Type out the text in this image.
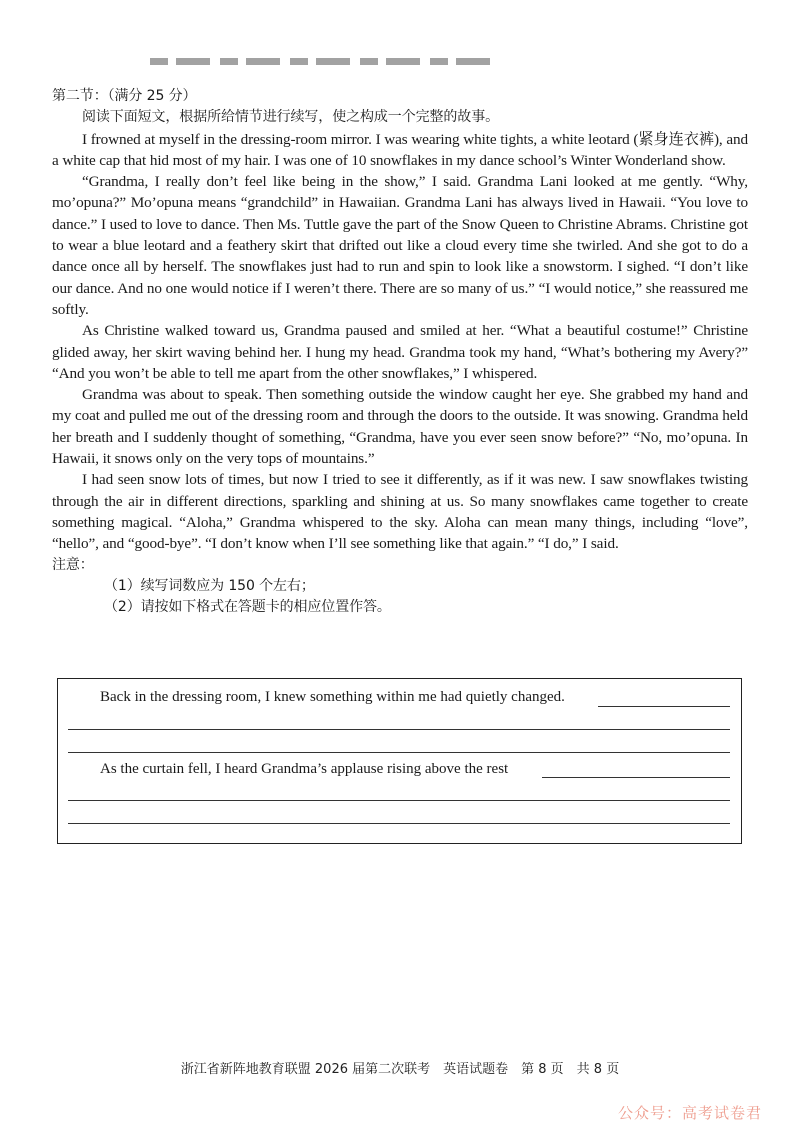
第二节：（满分 25 分）

阅读下面短文，根据所给情节进行续写，使之构成一个完整的故事。

I frowned at myself in the dressing-room mirror. I was wearing white tights, a white leotard (紧身连衣裤), and a white cap that hid most of my hair. I was one of 10 snowflakes in my dance school’s Winter Wonderland show.

“Grandma, I really don’t feel like being in the show,” I said. Grandma Lani looked at me gently. “Why, mo’opuna?” Mo’opuna means “grandchild” in Hawaiian. Grandma Lani has always lived in Hawaii. “You love to dance.” I used to love to dance. Then Ms. Tuttle gave the part of the Snow Queen to Christine Abrams. Christine got to wear a blue leotard and a feathery skirt that drifted out like a cloud every time she twirled. And she got to do a dance once all by herself. The snowflakes just had to run and spin to look like a snowstorm. I sighed. “I don’t like our dance. And no one would notice if I weren’t there. There are so many of us.” “I would notice,” she reassured me softly.

As Christine walked toward us, Grandma paused and smiled at her. “What a beautiful costume!” Christine glided away, her skirt waving behind her. I hung my head. Grandma took my hand, “What’s bothering my Avery?” “And you won’t be able to tell me apart from the other snowflakes,” I whispered.

Grandma was about to speak. Then something outside the window caught her eye. She grabbed my hand and my coat and pulled me out of the dressing room and through the doors to the outside. It was snowing. Grandma held her breath and I suddenly thought of something, “Grandma, have you ever seen snow before?” “No, mo’opuna. In Hawaii, it snows only on the very tops of mountains.”

I had seen snow lots of times, but now I tried to see it differently, as if it was new. I saw snowflakes twisting through the air in different directions, sparkling and shining at us. So many snowflakes came together to create something magical. “Aloha,” Grandma whispered to the sky. Aloha can mean many things, including “love”, “hello”, and “good-bye”. “I don’t know when I’ll see something like that again.” “I do,” I said.

注意：

（1）续写词数应为 150 个左右；

（2）请按如下格式在答题卡的相应位置作答。

Back in the dressing room, I knew something within me had quietly changed.
As the curtain fell, I heard Grandma’s applause rising above the rest
浙江省新阵地教育联盟 2026 届第二次联考　英语试题卷　第 8 页　共 8 页
公众号：高考试卷君
